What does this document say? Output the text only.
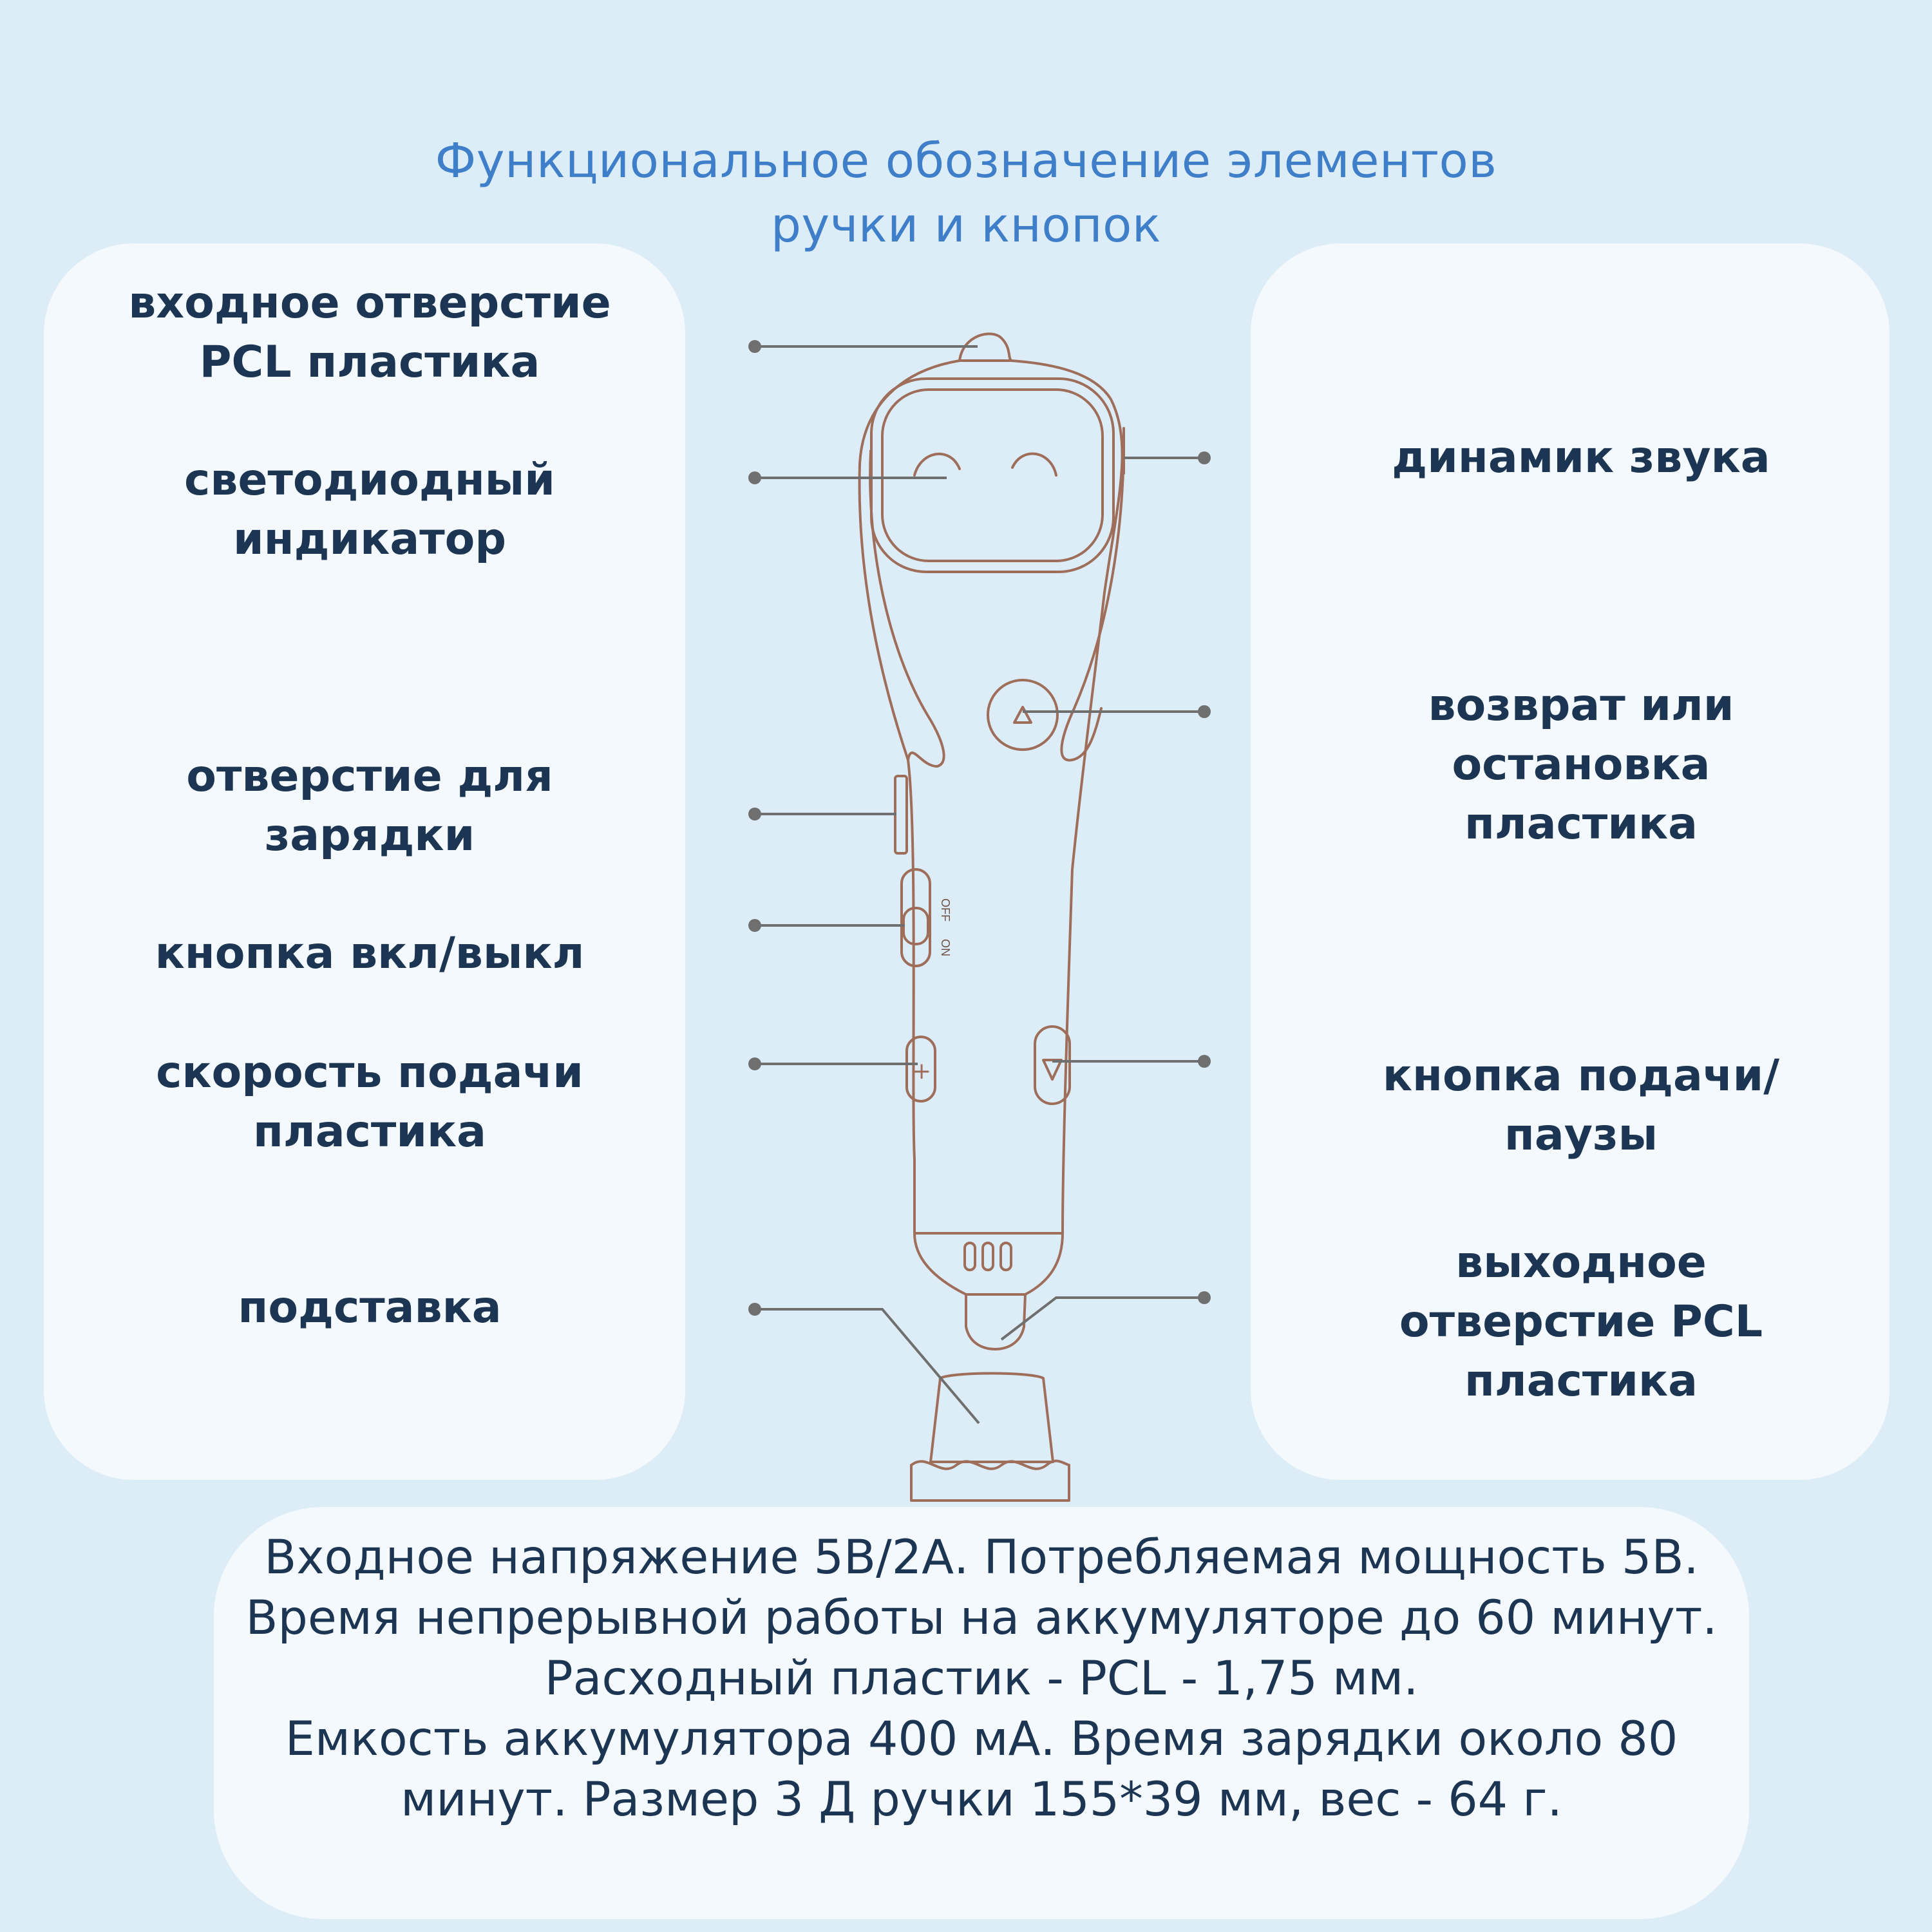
Функциональное обозначение элементов
ручки и кнопок
входное отверстие
PCL пластика
светодиодный
индикатор
отверстие для
зарядки
кнопка вкл/выкл
скорость подачи
пластика
подставка
динамик звука
возврат или
остановка
пластика
кнопка подачи/
паузы
выходное
отверстие PCL
пластика
OFF
ON
+
Входное напряжение 5В/2А. Потребляемая мощность 5В.
Время непрерывной работы на аккумуляторе до 60 минут.
Расходный пластик - PCL - 1,75 мм.
Емкость аккумулятора 400 мА. Время зарядки около 80
минут. Размер 3 Д ручки 155*39 мм, вес - 64 г.
